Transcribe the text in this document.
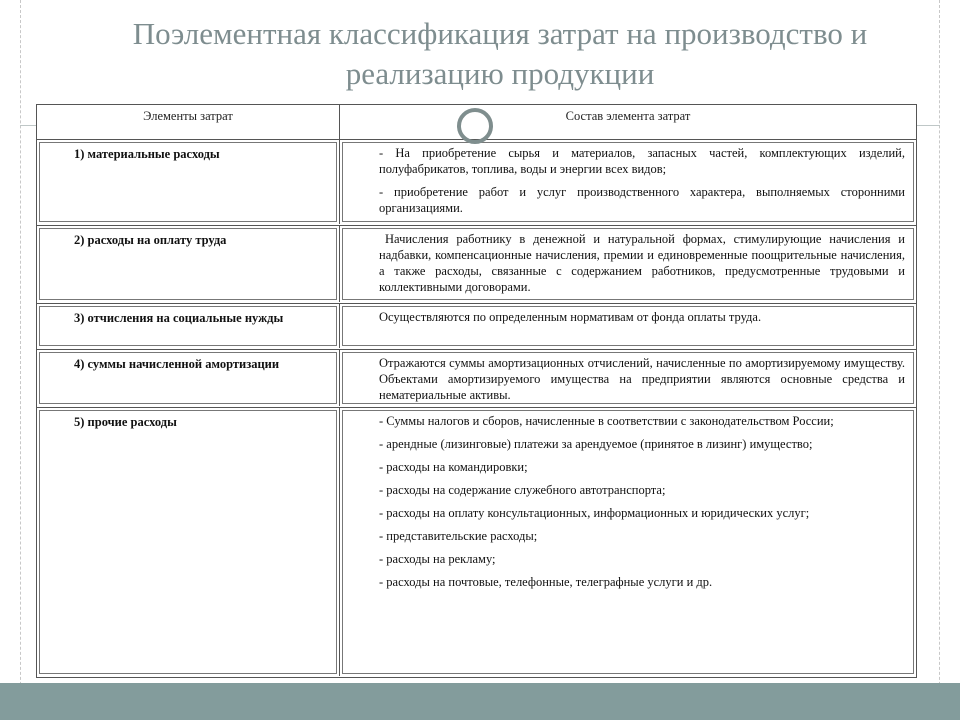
Поэлементная классификация затрат на производство и
реализацию продукции
Элементы затрат	Состав элемента затрат
1) материальные расходы	- На приобретение сырья и материалов, запасных частей, комплектующих изделий, полуфабрикатов, топлива, воды и энергии всех видов;

- приобретение работ и услуг производственного характера, выполняемых сторонними организациями.

2) расходы на оплату труда	Начисления работнику в денежной и натуральной формах, стимулирующие начисления и надбавки, компенсационные начисления, премии и единовременные поощрительные начисления, а также расходы, связанные с содержанием работников, предусмотренные трудовыми и коллективными договорами.

3) отчисления на социальные нужды	Осуществляются по определенным нормативам от фонда оплаты труда.

4) суммы начисленной амортизации	Отражаются суммы амортизационных отчислений, начисленные по амортизируемому имуществу. Объектами амортизируемого имущества на предприятии являются основные средства и нематериальные активы.

5) прочие расходы	- Суммы налогов и сборов, начисленные в соответствии с законодательством России;

- арендные (лизинговые) платежи за арендуемое (принятое в лизинг) имущество;

- расходы на командировки;

- расходы на содержание служебного автотранспорта;

- расходы на оплату консультационных, информационных и юридических услуг;

- представительские расходы;

- расходы на рекламу;

- расходы на почтовые, телефонные, телеграфные услуги и др.
